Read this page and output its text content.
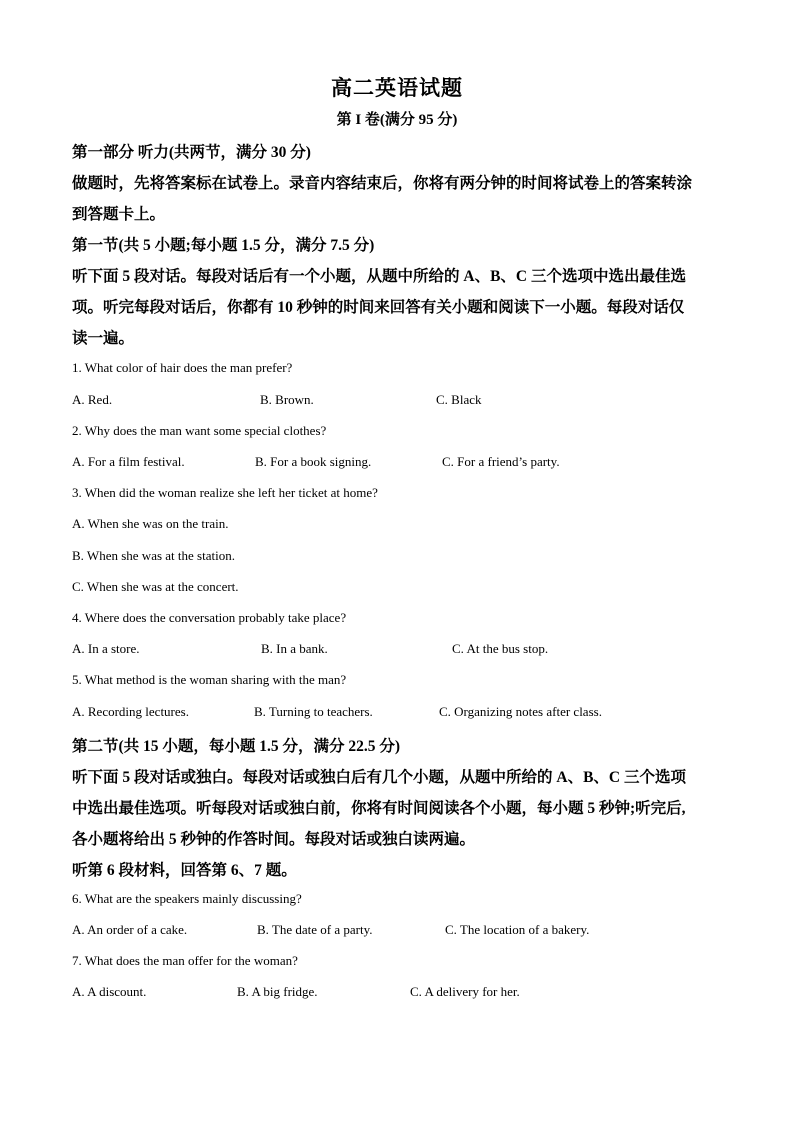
高二英语试题
第 I 卷(满分 95 分)
第一部分 听力(共两节，满分 30 分)
做题时，先将答案标在试卷上。录音内容结束后，你将有两分钟的时间将试卷上的答案转涂
到答题卡上。
第一节(共 5 小题;每小题 1.5 分，满分 7.5 分)
听下面 5 段对话。每段对话后有一个小题，从题中所给的 A、B、C 三个选项中选出最佳选
项。听完每段对话后，你都有 10 秒钟的时间来回答有关小题和阅读下一小题。每段对话仅
读一遍。
1. What color of hair does the man prefer?
A. Red.	B. Brown.	C. Black
2. Why does the man want some special clothes?
A. For a film festival.	B. For a book signing.	C. For a friend’s party.
3. When did the woman realize she left her ticket at home?
A. When she was on the train.
B. When she was at the station.
C. When she was at the concert.
4. Where does the conversation probably take place?
A. In a store.	B. In a bank.	C. At the bus stop.
5. What method is the woman sharing with the man?
A. Recording lectures.	B. Turning to teachers.	C. Organizing notes after class.
第二节(共 15 小题，每小题 1.5 分，满分 22.5 分)
听下面 5 段对话或独白。每段对话或独白后有几个小题，从题中所给的 A、B、C 三个选项
中选出最佳选项。听每段对话或独白前，你将有时间阅读各个小题，每小题 5 秒钟;听完后,
各小题将给出 5 秒钟的作答时间。每段对话或独白读两遍。
听第 6 段材料，回答第 6、7 题。
6. What are the speakers mainly discussing?
A. An order of a cake.	B. The date of a party.	C. The location of a bakery.
7. What does the man offer for the woman?
A. A discount.	B. A big fridge.	C. A delivery for her.
